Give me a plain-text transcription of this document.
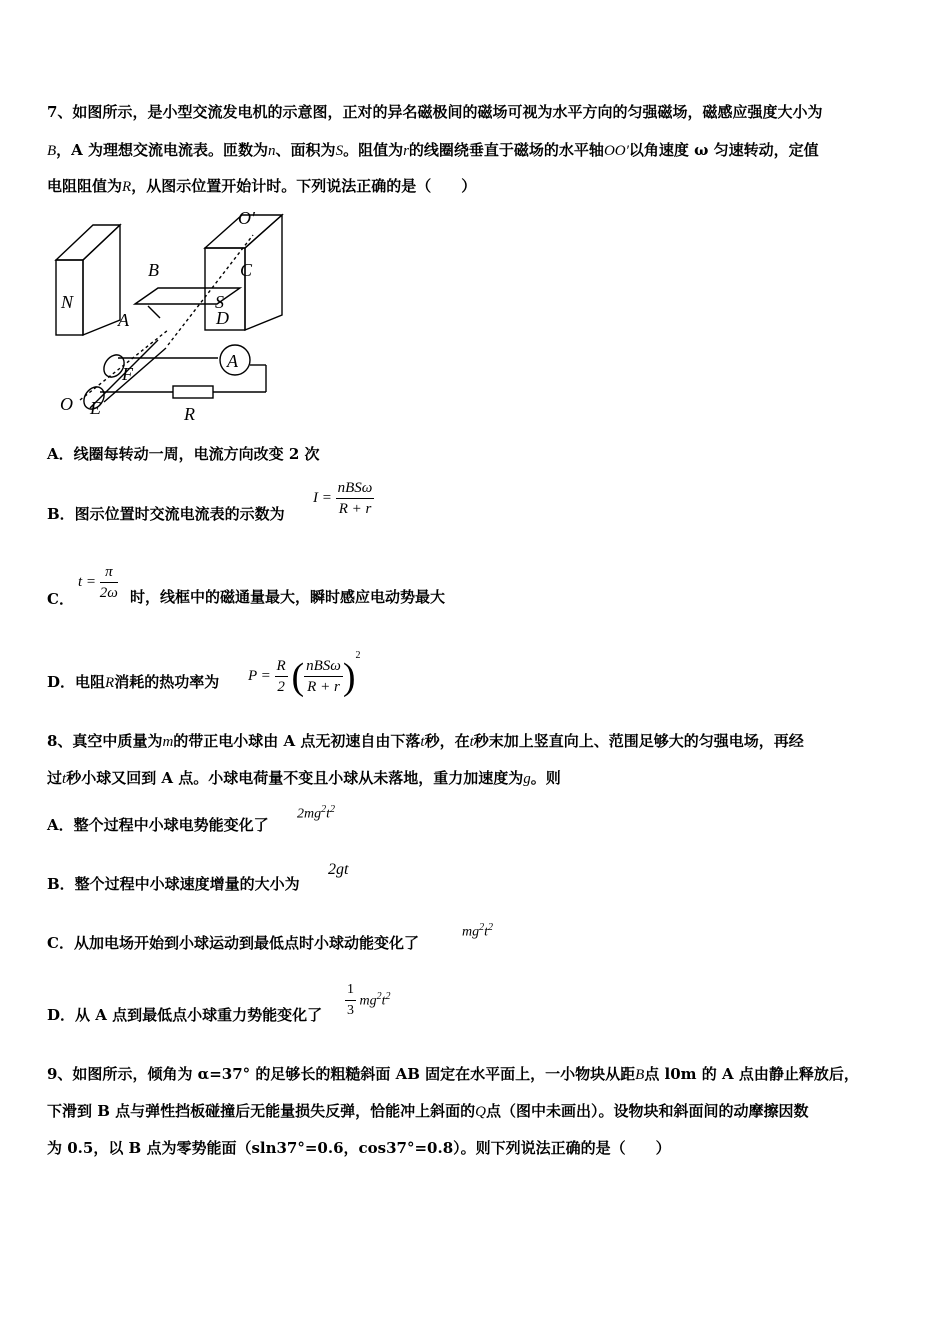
7、如图所示，是小型交流发电机的示意图，正对的异名磁极间的磁场可视为水平方向的匀强磁场，磁感应强度大小为
B，A 为理想交流电流表。匝数为n、面积为S。阻值为r的线圈绕垂直于磁场的水平轴OO′以角速度 ω 匀速转动，定值
电阻阻值为R，从图示位置开始计时。下列说法正确的是（　　）
O′
B	C
N	S
A	D
F
A
O E	R
A．线圈每转动一周，电流方向改变 2 次
B．图示位置时交流电流表的示数为
$I = \frac{\text{nBSω}}{R + r}$
C．
$t = \frac{\pi}{2\omega}$ 时，线框中的磁通量最大，瞬时感应电动势最大
D．电阻R消耗的热功率为 $P = \frac{R}{2}$ ( $\frac{\text{nBSω}}{R + r} )^2$
8、真空中质量为m的带正电小球由 A 点无初速自由下落t秒，在t秒末加上竖直向上、范围足够大的匀强电场，再经
过t秒小球又回到 A 点。小球电荷量不变且小球从未落地，重力加速度为g。则
A．整个过程中小球电势能变化了
$2mg^2t^2$
B．整个过程中小球速度增量的大小为
2gt
C．从加电场开始到小球运动到最低点时小球动能变化了
$mg^2t^2$
D．从 A 点到最低点小球重力势能变化了 $\frac{1}{3} mg^2t^2$
9、如图所示，倾角为 α=37° 的足够长的粗糙斜面 AB 固定在水平面上，一小物块从距B点 l0m 的 A 点由静止释放后，
下滑到 B 点与弹性挡板碰撞后无能量损失反弹，恰能冲上斜面的Q点（图中未画出）。设物块和斜面间的动摩擦因数
为 0.5，以 B 点为零势能面（sln37°=0.6，cos37°=0.8）。则下列说法正确的是（　　）
